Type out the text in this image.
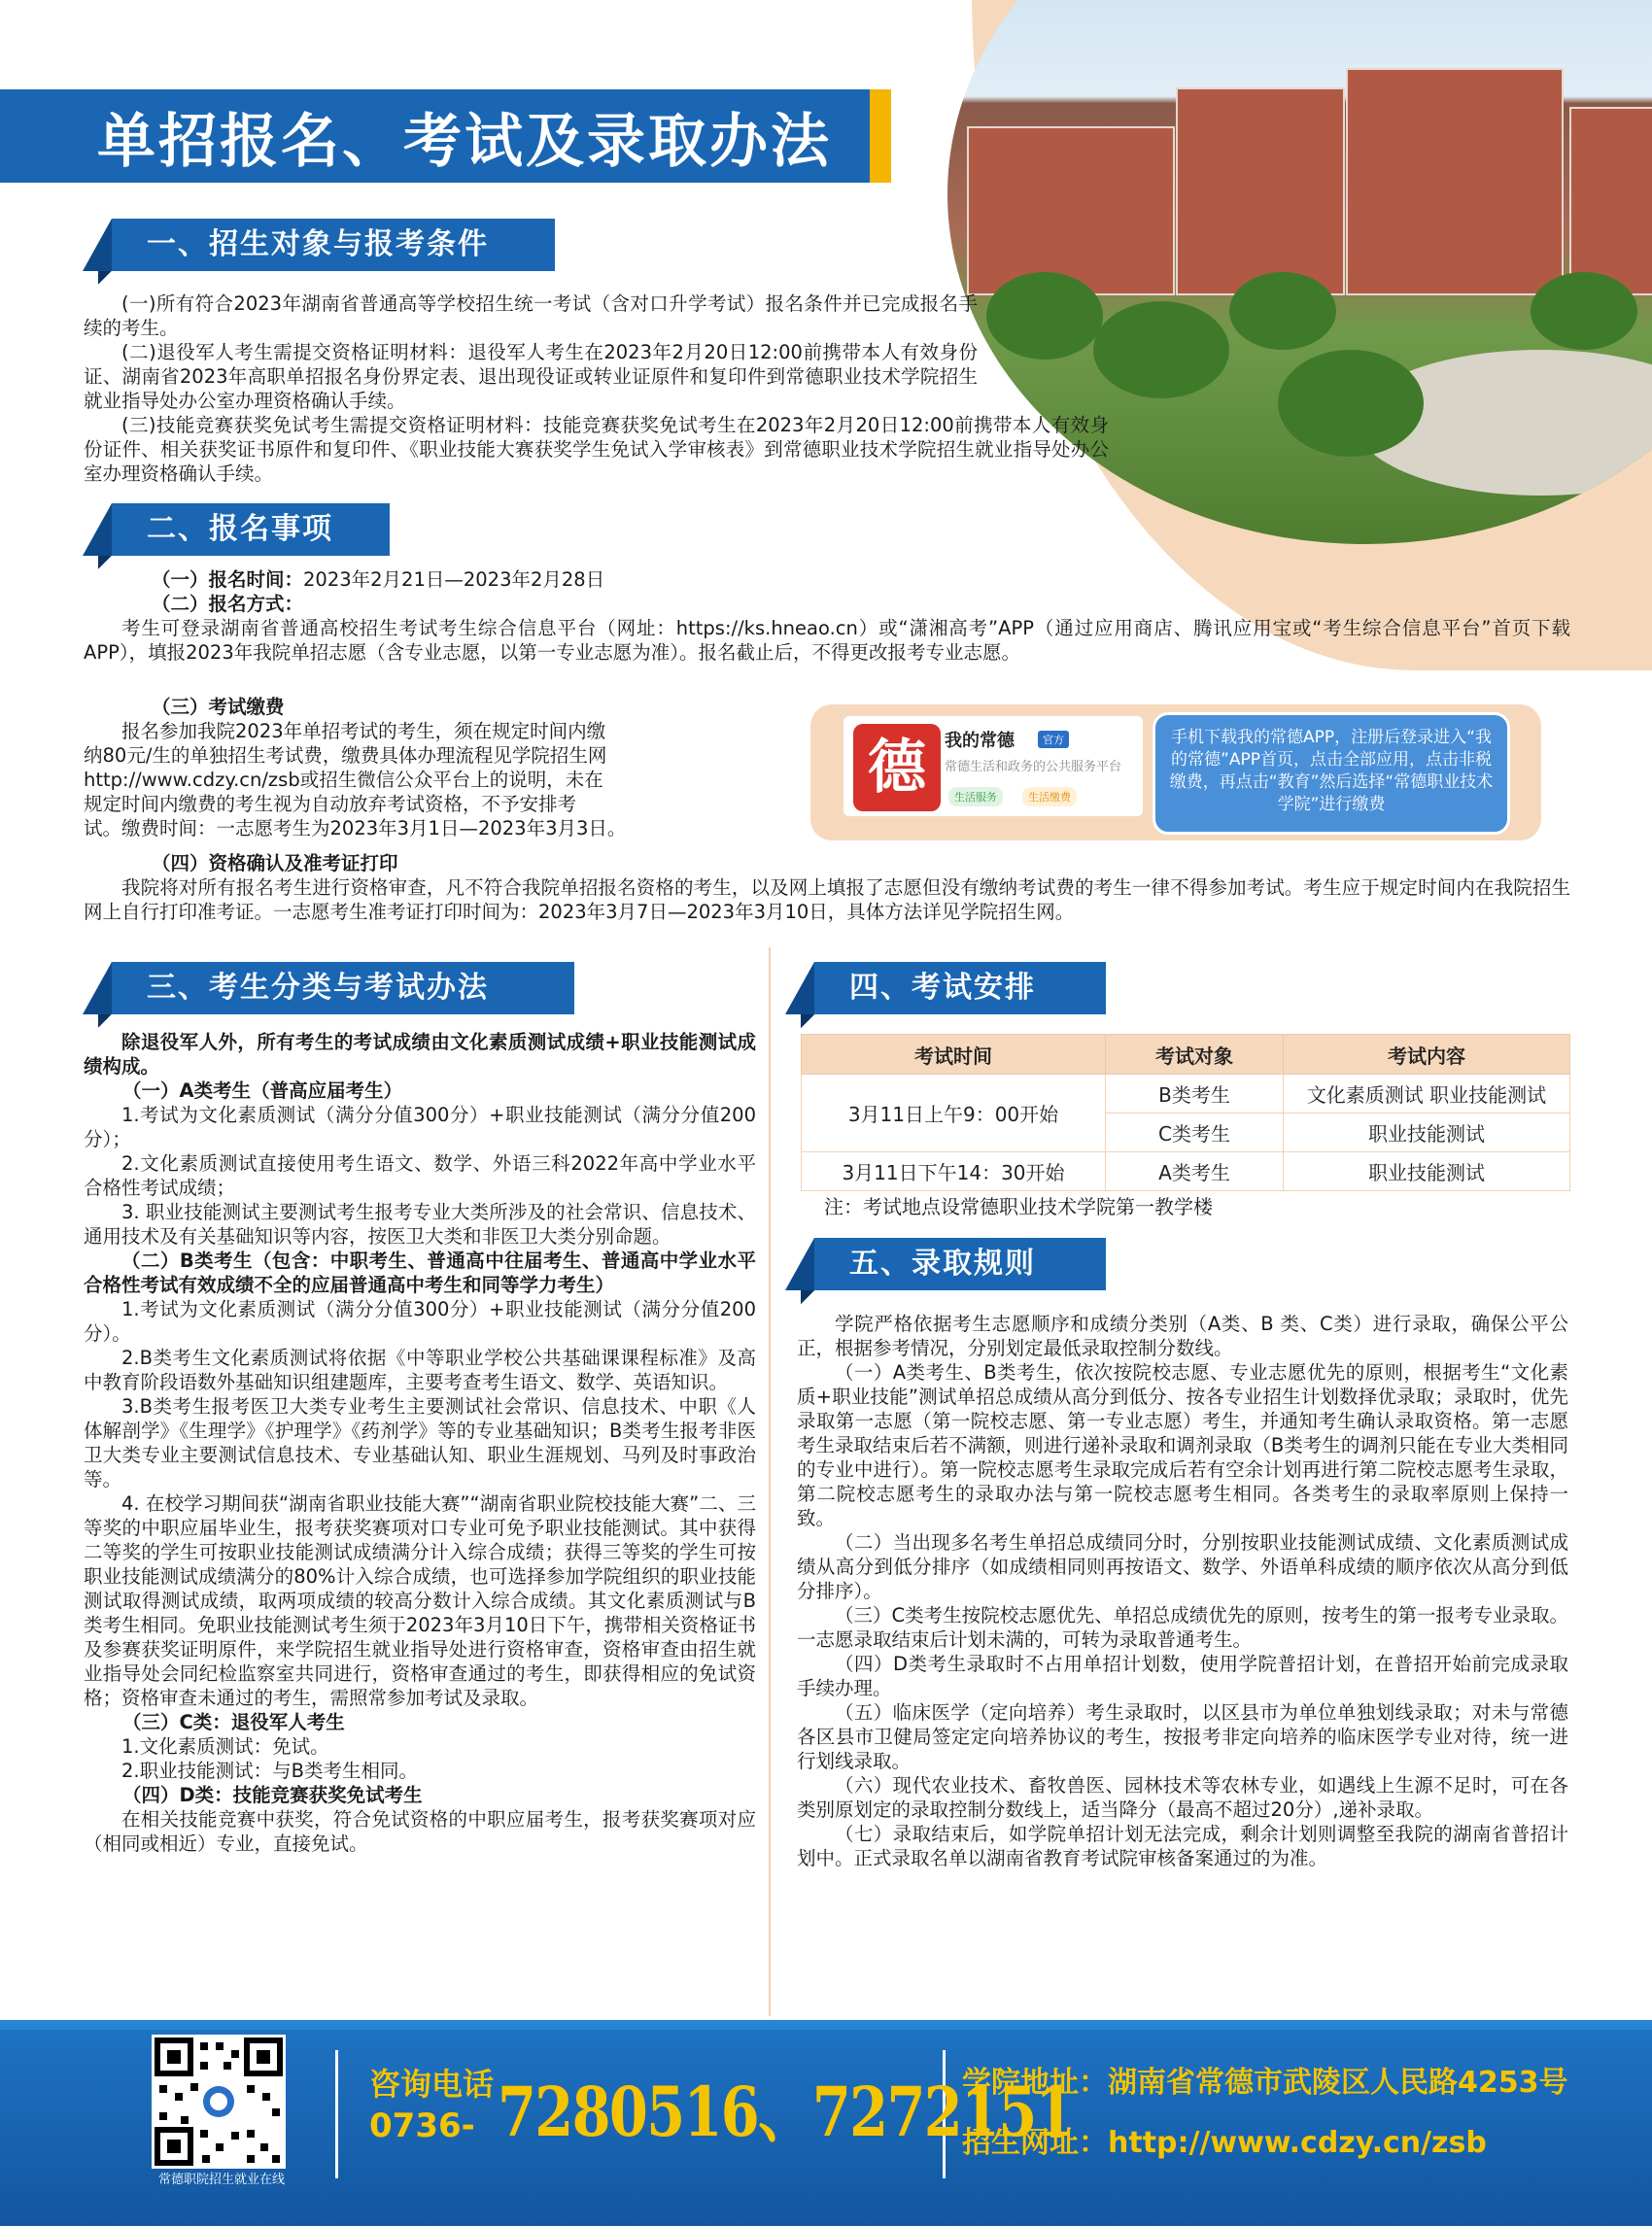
单招报名、考试及录取办法
一、招生对象与报考条件

(一)所有符合2023年湖南省普通高等学校招生统一考试（含对口升学考试）报名条件并已完成报名手续的考生。

(二)退役军人考生需提交资格证明材料：退役军人考生在2023年2月20日12:00前携带本人有效身份证、湖南省2023年高职单招报名身份界定表、退出现役证或转业证原件和复印件到常德职业技术学院招生就业指导处办公室办理资格确认手续。

(三)技能竞赛获奖免试考生需提交资格证明材料：技能竞赛获奖免试考生在2023年2月20日12:00前携带本人有效身份证件、相关获奖证书原件和复印件、《职业技能大赛获奖学生免试入学审核表》到常德职业技术学院招生就业指导处办公室办理资格确认手续。

二、报名事项

（一）报名时间：2023年2月21日—2023年2月28日

（二）报名方式：

考生可登录湖南省普通高校招生考试考生综合信息平台（网址：https://ks.hneao.cn）或“潇湘高考”APP（通过应用商店、腾讯应用宝或“考生综合信息平台”首页下载APP），填报2023年我院单招志愿（含专业志愿，以第一专业志愿为准）。报名截止后，不得更改报考专业志愿。

（三）考试缴费

报名参加我院2023年单招考试的考生，须在规定时间内缴

纳80元/生的单独招生考试费，缴费具体办理流程见学院招生网

http://www.cdzy.cn/zsb或招生微信公众平台上的说明，未在

规定时间内缴费的考生视为自动放弃考试资格，不予安排考

试。缴费时间：一志愿考生为2023年3月1日—2023年3月3日。

（四）资格确认及准考证打印

我院将对所有报名考生进行资格审查，凡不符合我院单招报名资格的考生，以及网上填报了志愿但没有缴纳考试费的考生一律不得参加考试。考生应于规定时间内在我院招生网上自行打印准考证。一志愿考生准考证打印时间为：2023年3月7日—2023年3月10日，具体方法详见学院招生网。

德	我的常德	官方
常德生活和政务的公共服务平台
生活服务	生活缴费
手机下载我的常德APP，注册后登录进入“我的常德”APP首页，点击全部应用，点击非税缴费，再点击“教育”然后选择“常德职业技术学院”进行缴费
三、考生分类与考试办法

除退役军人外，所有考生的考试成绩由文化素质测试成绩+职业技能测试成绩构成。

（一）A类考生（普高应届考生）

1.考试为文化素质测试（满分分值300分）+职业技能测试（满分分值200分）；

2.文化素质测试直接使用考生语文、数学、外语三科2022年高中学业水平合格性考试成绩；

3. 职业技能测试主要测试考生报考专业大类所涉及的社会常识、信息技术、通用技术及有关基础知识等内容，按医卫大类和非医卫大类分别命题。

（二）B类考生（包含：中职考生、普通高中往届考生、普通高中学业水平合格性考试有效成绩不全的应届普通高中考生和同等学力考生）

1.考试为文化素质测试（满分分值300分）+职业技能测试（满分分值200分）。

2.B类考生文化素质测试将依据《中等职业学校公共基础课课程标准》及高中教育阶段语数外基础知识组建题库，主要考查考生语文、数学、英语知识。

3.B类考生报考医卫大类专业考生主要测试社会常识、信息技术、中职《人体解剖学》《生理学》《护理学》《药剂学》等的专业基础知识；B类考生报考非医卫大类专业主要测试信息技术、专业基础认知、职业生涯规划、马列及时事政治等。

4. 在校学习期间获“湖南省职业技能大赛”“湖南省职业院校技能大赛”二、三等奖的中职应届毕业生，报考获奖赛项对口专业可免予职业技能测试。其中获得二等奖的学生可按职业技能测试成绩满分计入综合成绩；获得三等奖的学生可按职业技能测试成绩满分的80%计入综合成绩，也可选择参加学院组织的职业技能测试取得测试成绩，取两项成绩的较高分数计入综合成绩。其文化素质测试与B类考生相同。免职业技能测试考生须于2023年3月10日下午，携带相关资格证书及参赛获奖证明原件，来学院招生就业指导处进行资格审查，资格审查由招生就业指导处会同纪检监察室共同进行，资格审查通过的考生，即获得相应的免试资格；资格审查未通过的考生，需照常参加考试及录取。

（三）C类：退役军人考生

1.文化素质测试：免试。

2.职业技能测试：与B类考生相同。

（四）D类：技能竞赛获奖免试考生

在相关技能竞赛中获奖，符合免试资格的中职应届考生，报考获奖赛项对应（相同或相近）专业，直接免试。

四、考试安排
考试时间	考试对象	考试内容
3月11日上午9：00开始	B类考生	文化素质测试 职业技能测试
	C类考生	职业技能测试
3月11日下午14：30开始	A类考生	职业技能测试
注：考试地点设常德职业技术学院第一教学楼
五、录取规则

学院严格依据考生志愿顺序和成绩分类别（A类、B 类、C类）进行录取，确保公平公正，根据参考情况，分别划定最低录取控制分数线。

（一）A类考生、B类考生，依次按院校志愿、专业志愿优先的原则，根据考生“文化素质+职业技能”测试单招总成绩从高分到低分、按各专业招生计划数择优录取；录取时，优先录取第一志愿（第一院校志愿、第一专业志愿）考生，并通知考生确认录取资格。第一志愿考生录取结束后若不满额，则进行递补录取和调剂录取（B类考生的调剂只能在专业大类相同的专业中进行）。第一院校志愿考生录取完成后若有空余计划再进行第二院校志愿考生录取，第二院校志愿考生的录取办法与第一院校志愿考生相同。各类考生的录取率原则上保持一致。

（二）当出现多名考生单招总成绩同分时，分别按职业技能测试成绩、文化素质测试成绩从高分到低分排序（如成绩相同则再按语文、数学、外语单科成绩的顺序依次从高分到低分排序）。

（三）C类考生按院校志愿优先、单招总成绩优先的原则，按考生的第一报考专业录取。一志愿录取结束后计划未满的，可转为录取普通考生。

（四）D类考生录取时不占用单招计划数，使用学院普招计划，在普招开始前完成录取手续办理。

（五）临床医学（定向培养）考生录取时，以区县市为单位单独划线录取；对未与常德各区县市卫健局签定定向培养协议的考生，按报考非定向培养的临床医学专业对待，统一进行划线录取。

（六）现代农业技术、畜牧兽医、园林技术等农林专业，如遇线上生源不足时，可在各类别原划定的录取控制分数线上，适当降分（最高不超过20分）,递补录取。

（七）录取结束后，如学院单招计划无法完成，剩余计划则调整至我院的湖南省普招计划中。正式录取名单以湖南省教育考试院审核备案通过的为准。

常德职院招生就业在线
咨询电话
0736- 7280516、7272151
学院地址：湖南省常德市武陵区人民路4253号
招生网址：http://www.cdzy.cn/zsb
